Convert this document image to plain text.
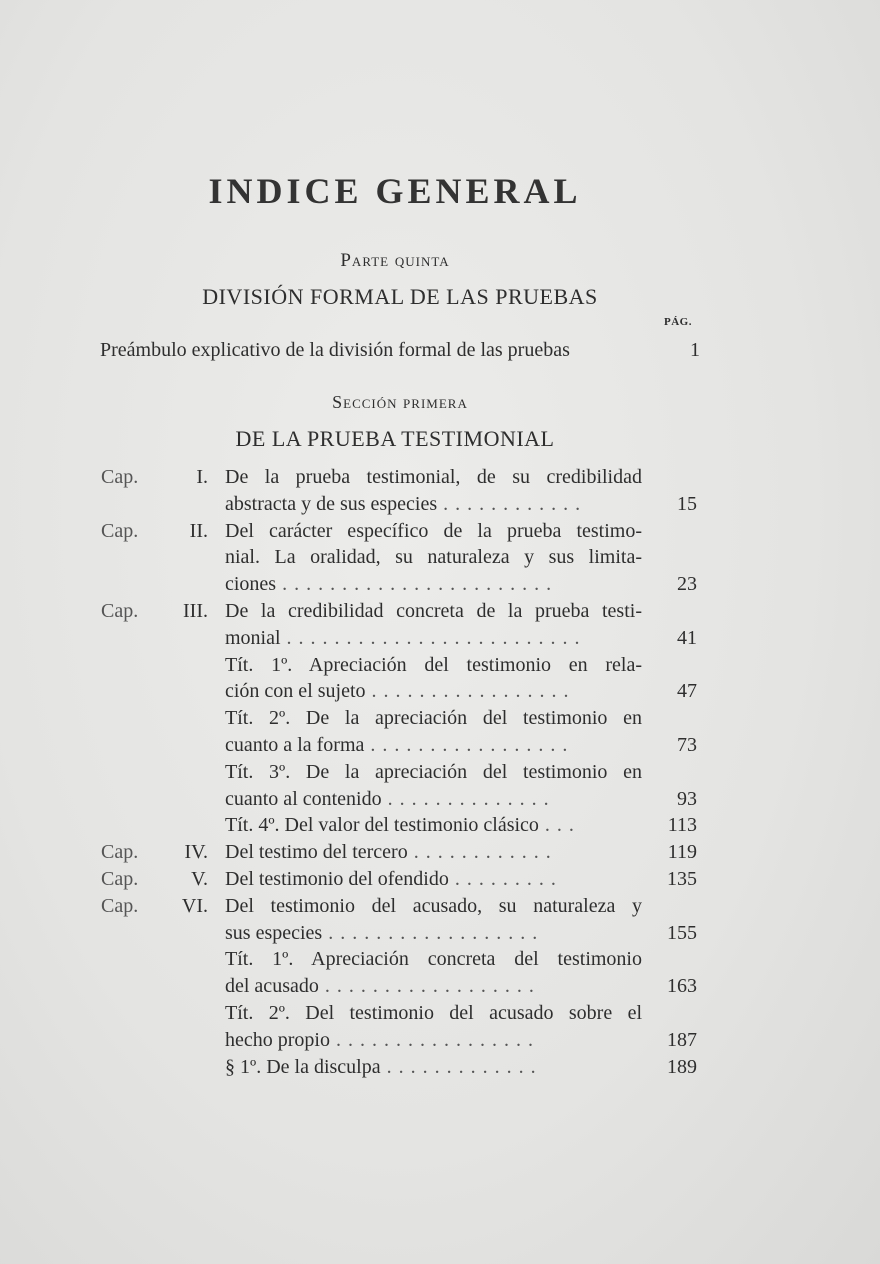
INDICE GENERAL
Parte quinta
DIVISIÓN FORMAL DE LAS PRUEBAS
PÁG.
Preámbulo explicativo de la división formal de las pruebas	1
Sección primera
DE LA PRUEBA TESTIMONIAL
Cap.	I. De la prueba testimonial, de su credibilidad
abstracta y de sus especies . . . . . . . . . . . .	15
Cap.	II. Del carácter específico de la prueba testimo-
nial. La oralidad, su naturaleza y sus limita-
ciones . . . . . . . . . . . . . . . . . . . . . . .	23
Cap. III. De la credibilidad concreta de la prueba testi-
monial . . . . . . . . . . . . . . . . . . . . . . . . .	41
Tít. 1º. Apreciación del testimonio en rela-
ción con el sujeto . . . . . . . . . . . . . . . . .	47
Tít. 2º. De la apreciación del testimonio en
cuanto a la forma . . . . . . . . . . . . . . . . .	73
Tít. 3º. De la apreciación del testimonio en
cuanto al contenido . . . . . . . . . . . . . .	93
Tít. 4º. Del valor del testimonio clásico . . .	113
Cap. IV. Del testimo del tercero . . . . . . . . . . . .	119
Cap.	V. Del testimonio del ofendido . . . . . . . . .	135
Cap. VI. Del testimonio del acusado, su naturaleza y
sus especies . . . . . . . . . . . . . . . . . .	155
Tít. 1º. Apreciación concreta del testimonio
del acusado . . . . . . . . . . . . . . . . . .	163
Tít. 2º. Del testimonio del acusado sobre el
hecho propio . . . . . . . . . . . . . . . . .	187
§ 1º. De la disculpa . . . . . . . . . . . . .	189
